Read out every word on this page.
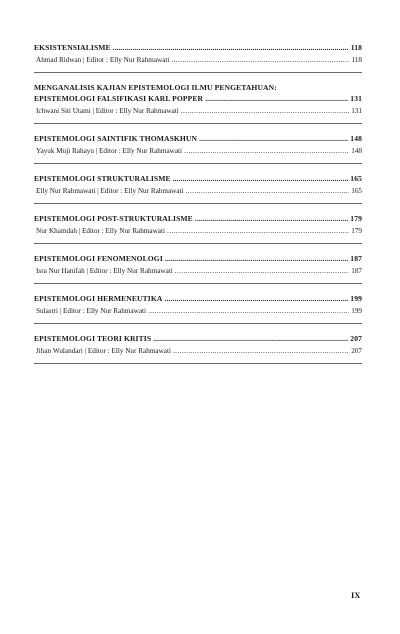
EKSISTENSIALISME .....	118
Ahmad Ridwan | Editor : Elly Nur Rahmawati .....	118
MENGANALISIS KAJIAN EPISTEMOLOGI ILMU PENGETAHUAN:
EPISTEMOLOGI FALSIFIKASI KARL POPPER .....	131
Ichwani Siti Utami | Editor : Elly Nur Rahmawati .....	131
EPISTEMOLOGI SAINTIFIK THOMASKHUN .....	148
Yayuk Muji Rahayu | Editor : Elly Nur Rahmawati .....	148
EPISTEMOLOGI STRUKTURALISME .....	165
Elly Nur Rahmawati | Editor : Elly Nur Rahmawati .....	165
EPISTEMOLOGI POST-STRUKTURALISME .....	179
Nur Khamdah | Editor : Elly Nur Rahmawati .....	179
EPISTEMOLOGI FENOMENOLOGI .....	187
Isra Nur Hanifah | Editor : Elly Nur Rahmawati .....	187
EPISTEMOLOGI HERMENEUTIKA .....	199
Sulastri | Editor : Elly Nur Rahmawati .....	199
EPISTEMOLOGI TEORI KRITIS .....	207
Jihan Wulandari | Editor : Elly Nur Rahmawati .....	207
IX
